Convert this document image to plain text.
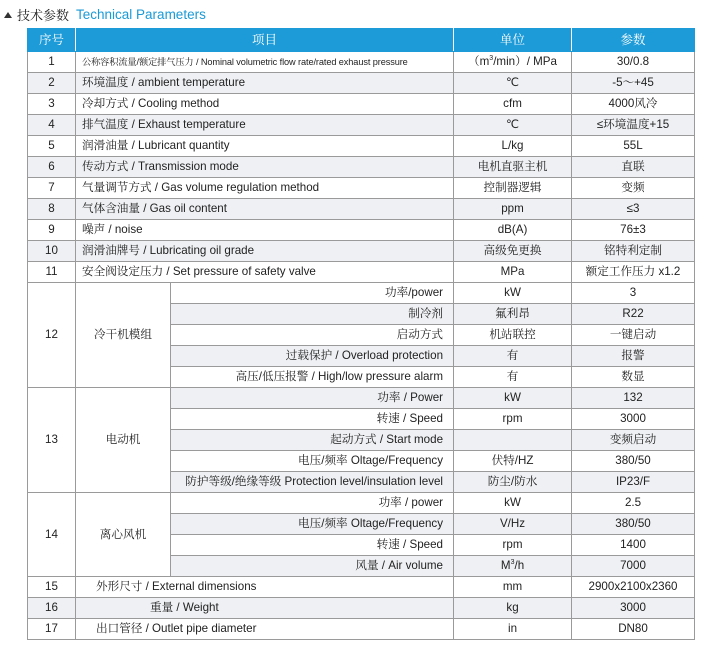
技术参数 Technical Parameters
序号	项目		单位	参数
1	公称容积流量/额定排气压力 / Nominal volumetric flow rate/rated exhaust pressure		$(m^3/\min)/$ MPa	30/0.8
2	环境温度 / ambient temperature		℃	-5～+45
3	冷却方式 / Cooling method		cfm	4000风冷
4	排气温度 / Exhaust temperature		℃	≤环境温度+15
5	润滑油量 / Lubricant quantity		L/kg	55L
6	传动方式 / Transmission mode		电机直驱主机	直联
7	气量调节方式 / Gas volume regulation method		控制器逻辑	变频
8	气体含油量 / Gas oil content		ppm	≤3
9	噪声 / noise		dB(A)	76±3
10	润滑油牌号 / Lubricating oil grade		高级免更换	铭特利定制
11	安全阀设定压力 / Set pressure of safety valve		MPa	额定工作压力 x1.2
12	冷干机模组	功率/power	kW	3
		制冷剂	氟利昂	R22
		启动方式	机站联控	一键启动
		过载保护 / Overload protection	有	报警
		高压/低压报警 / High/low pressure alarm	有	数显
13	电动机	功率 / Power	kW	132
		转速 / Speed	rpm	3000
		起动方式 / Start mode		变频启动
		电压/频率 Oltage/Frequency	伏特/HZ	380/50
		防护等级/绝缘等级 Protection level/insulation level	防尘/防水	IP23/F
14	离心风机	功率 / power	kW	2.5
		电压/频率 Oltage/Frequency	V/Hz	380/50
		转速 / Speed	rpm	1400
		风量 / Air volume	$M^3/h$	7000
15	外形尺寸 / External dimensions		mm	2900x2100x2360
16	重量 / Weight		kg	3000
17	出口管径 / Outlet pipe diameter		in	DN80
